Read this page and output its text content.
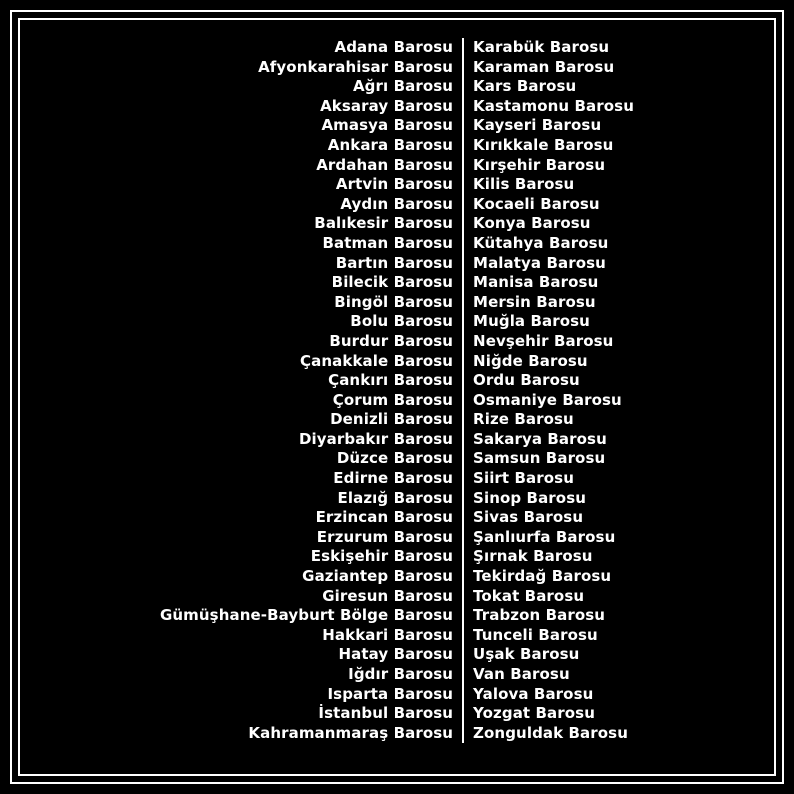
Adana Barosu
Afyonkarahisar Barosu
Ağrı Barosu
Aksaray Barosu
Amasya Barosu
Ankara Barosu
Ardahan Barosu
Artvin Barosu
Aydın Barosu
Balıkesir Barosu
Batman Barosu
Bartın Barosu
Bilecik Barosu
Bingöl Barosu
Bolu Barosu
Burdur Barosu
Çanakkale Barosu
Çankırı Barosu
Çorum Barosu
Denizli Barosu
Diyarbakır Barosu
Düzce Barosu
Edirne Barosu
Elazığ Barosu
Erzincan Barosu
Erzurum Barosu
Eskişehir Barosu
Gaziantep Barosu
Giresun Barosu
Gümüşhane-Bayburt Bölge Barosu
Hakkari Barosu
Hatay Barosu
Iğdır Barosu
Isparta Barosu
İstanbul Barosu
Kahramanmaraş Barosu
Karabük Barosu
Karaman Barosu
Kars Barosu
Kastamonu Barosu
Kayseri Barosu
Kırıkkale Barosu
Kırşehir Barosu
Kilis Barosu
Kocaeli Barosu
Konya Barosu
Kütahya Barosu
Malatya Barosu
Manisa Barosu
Mersin Barosu
Muğla Barosu
Nevşehir Barosu
Niğde Barosu
Ordu Barosu
Osmaniye Barosu
Rize Barosu
Sakarya Barosu
Samsun Barosu
Siirt Barosu
Sinop Barosu
Sivas Barosu
Şanlıurfa Barosu
Şırnak Barosu
Tekirdağ Barosu
Tokat Barosu
Trabzon Barosu
Tunceli Barosu
Uşak Barosu
Van Barosu
Yalova Barosu
Yozgat Barosu
Zonguldak Barosu
